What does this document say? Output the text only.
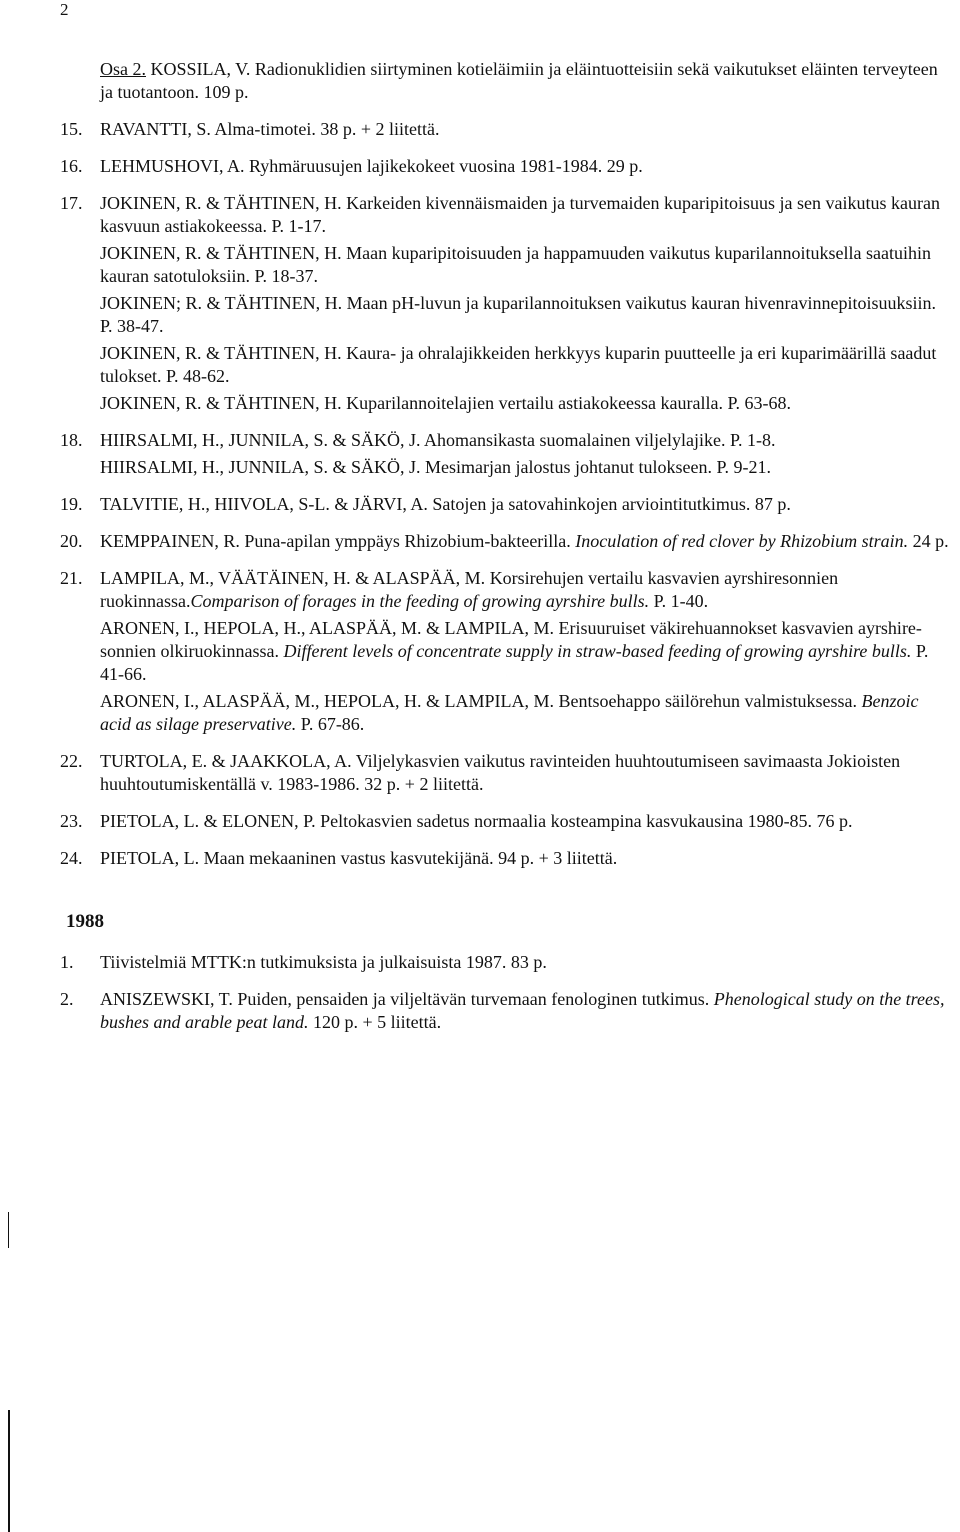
2
Osa 2. KOSSILA, V. Radionuklidien siirtyminen kotieläimiin ja eläintuotteisiin sekä vaikutukset eläinten terveyteen ja tuotantoon. 109 p.
15. RAVANTTI, S. Alma-timotei. 38 p. + 2 liitettä.
16. LEHMUSHOVI, A. Ryhmäruusujen lajikekokeet vuosina 1981-1984. 29 p.
17. JOKINEN, R. & TÄHTINEN, H. Karkeiden kivennäismaiden ja turvemaiden kuparipitoisuus ja sen vaikutus kauran kasvuun astiakokeessa. P. 1-17.
JOKINEN, R. & TÄHTINEN, H. Maan kuparipitoisuuden ja happamuuden vaikutus kuparilannoituksella saatuihin kauran satotuloksiin. P. 18-37.
JOKINEN; R. & TÄHTINEN, H. Maan pH-luvun ja kuparilannoituksen vaikutus kauran hivenravinnepitoisuuksiin. P. 38-47.
JOKINEN, R. & TÄHTINEN, H. Kaura- ja ohralajikkeiden herkkyys kuparin puutteelle ja eri kuparimäärillä saadut tulokset. P. 48-62.
JOKINEN, R. & TÄHTINEN, H. Kuparilannoitelajien vertailu astiakokeessa kauralla. P. 63-68.
18. HIIRSALMI, H., JUNNILA, S. & SÄKÖ, J. Ahomansikasta suomalainen viljelylajike. P. 1-8.
HIIRSALMI, H., JUNNILA, S. & SÄKÖ, J. Mesimarjan jalostus johtanut tulokseen. P. 9-21.
19. TALVITIE, H., HIIVOLA, S-L. & JÄRVI, A. Satojen ja satovahinkojen arviointitutkimus. 87 p.
20. KEMPPAINEN, R. Puna-apilan ymppäys Rhizobium-bakteerilla. Inoculation of red clover by Rhizobium strain. 24 p.
21. LAMPILA, M., VÄÄTÄINEN, H. & ALASPÄÄ, M. Korsirehujen vertailu kasvavien ayrshiresonnien ruokinnassa.Comparison of forages in the feeding of growing ayrshire bulls. P. 1-40.
ARONEN, I., HEPOLA, H., ALASPÄÄ, M. & LAMPILA, M. Erisuuruiset väkirehuannokset kasvavien ayrshire-sonnien olkiruokinnassa. Different levels of concentrate supply in straw-based feeding of growing ayrshire bulls. P. 41-66.
ARONEN, I., ALASPÄÄ, M., HEPOLA, H. & LAMPILA, M. Bentsoehappo säilörehun valmistuksessa. Benzoic acid as silage preservative. P. 67-86.
22. TURTOLA, E. & JAAKKOLA, A. Viljelykasvien vaikutus ravinteiden huuhtoutumiseen savimaasta Jokioisten huuhtoutumiskentällä v. 1983-1986. 32 p. + 2 liitettä.
23. PIETOLA, L. & ELONEN, P. Peltokasvien sadetus normaalia kosteampina kasvukausina 1980-85. 76 p.
24. PIETOLA, L. Maan mekaaninen vastus kasvutekijänä. 94 p. + 3 liitettä.
1988
1.	Tiivistelmiä MTTK:n tutkimuksista ja julkaisuista 1987. 83 p.
2.	ANISZEWSKI, T. Puiden, pensaiden ja viljeltävän turvemaan fenologinen tutkimus. Phenological study on the trees, bushes and arable peat land. 120 p. + 5 liitettä.
